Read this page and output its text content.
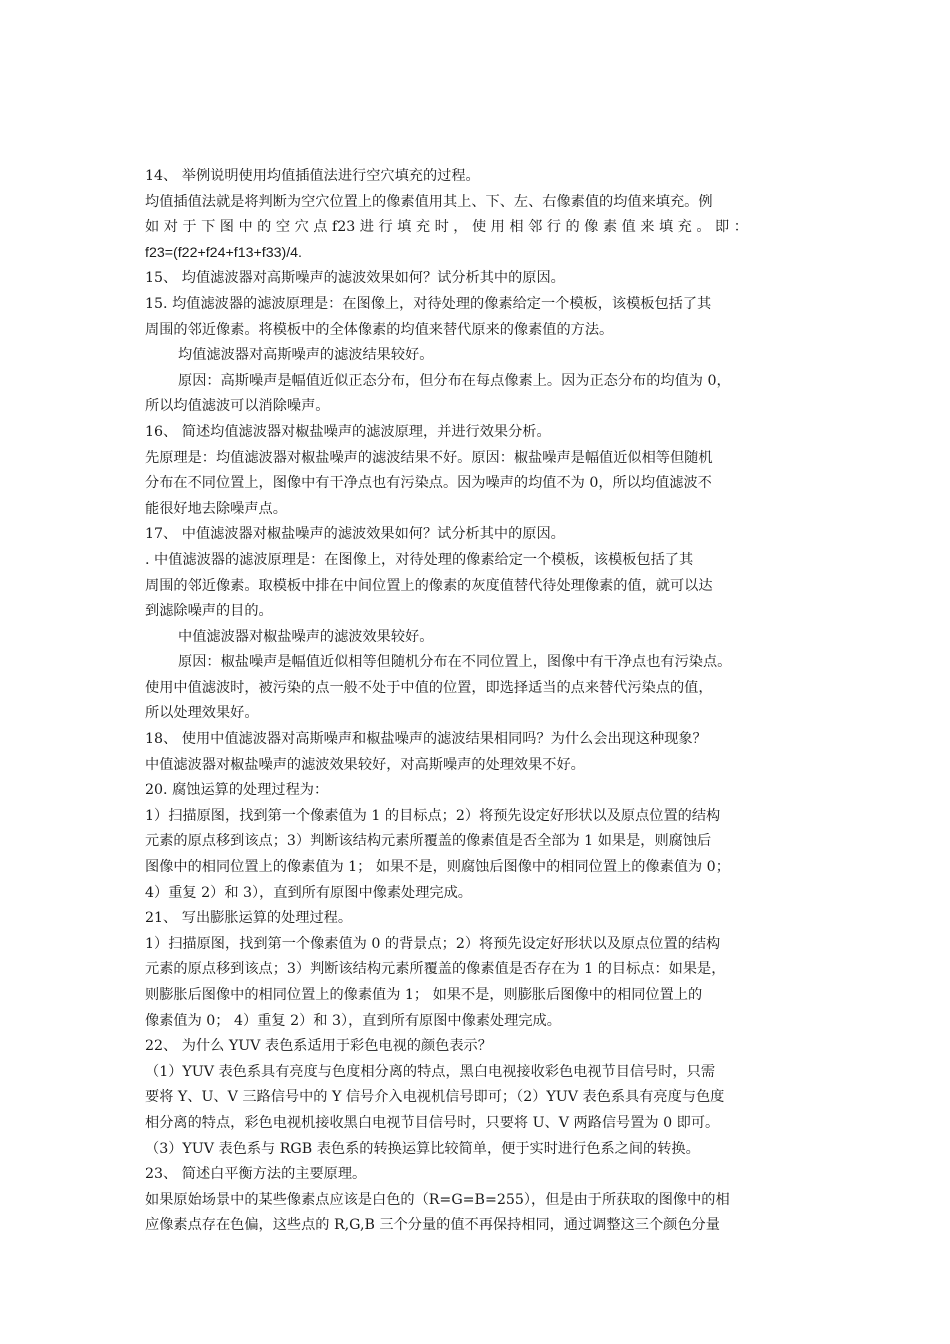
14、 举例说明使用均值插值法进行空穴填充的过程。
均值插值法就是将判断为空穴位置上的像素值用其上、下、左、右像素值的均值来填充。例
如 对 于 下 图 中 的 空 穴 点 f23 进 行 填 充 时 ， 使 用 相 邻 行 的 像 素 值 来 填 充 。 即 ：
f23=(f22+f24+f13+f33)/4.
15、 均值滤波器对高斯噪声的滤波效果如何？试分析其中的原因。
15. 均值滤波器的滤波原理是：在图像上，对待处理的像素给定一个模板，该模板包括了其
周围的邻近像素。将模板中的全体像素的均值来替代原来的像素值的方法。
均值滤波器对高斯噪声的滤波结果较好。
原因：高斯噪声是幅值近似正态分布，但分布在每点像素上。因为正态分布的均值为 0，
所以均值滤波可以消除噪声。
16、 简述均值滤波器对椒盐噪声的滤波原理，并进行效果分析。
先原理是：均值滤波器对椒盐噪声的滤波结果不好。原因：椒盐噪声是幅值近似相等但随机
分布在不同位置上，图像中有干净点也有污染点。因为噪声的均值不为 0，所以均值滤波不
能很好地去除噪声点。
17、 中值滤波器对椒盐噪声的滤波效果如何？试分析其中的原因。
. 中值滤波器的滤波原理是：在图像上，对待处理的像素给定一个模板，该模板包括了其
周围的邻近像素。取模板中排在中间位置上的像素的灰度值替代待处理像素的值，就可以达
到滤除噪声的目的。
中值滤波器对椒盐噪声的滤波效果较好。
原因：椒盐噪声是幅值近似相等但随机分布在不同位置上，图像中有干净点也有污染点。
使用中值滤波时，被污染的点一般不处于中值的位置，即选择适当的点来替代污染点的值，
所以处理效果好。
18、 使用中值滤波器对高斯噪声和椒盐噪声的滤波结果相同吗？为什么会出现这种现象？
中值滤波器对椒盐噪声的滤波效果较好，对高斯噪声的处理效果不好。
20. 腐蚀运算的处理过程为：
1）扫描原图，找到第一个像素值为 1 的目标点；2）将预先设定好形状以及原点位置的结构
元素的原点移到该点；3）判断该结构元素所覆盖的像素值是否全部为 1 如果是，则腐蚀后
图像中的相同位置上的像素值为 1； 如果不是，则腐蚀后图像中的相同位置上的像素值为 0；
4）重复 2）和 3），直到所有原图中像素处理完成。
21、 写出膨胀运算的处理过程。
1）扫描原图，找到第一个像素值为 0 的背景点；2）将预先设定好形状以及原点位置的结构
元素的原点移到该点；3）判断该结构元素所覆盖的像素值是否存在为 1 的目标点：如果是，
则膨胀后图像中的相同位置上的像素值为 1； 如果不是，则膨胀后图像中的相同位置上的
像素值为 0； 4）重复 2）和 3），直到所有原图中像素处理完成。
22、 为什么 YUV 表色系适用于彩色电视的颜色表示？
（1）YUV 表色系具有亮度与色度相分离的特点，黑白电视接收彩色电视节目信号时，只需
要将 Y、U、V 三路信号中的 Y 信号介入电视机信号即可；（2）YUV 表色系具有亮度与色度
相分离的特点，彩色电视机接收黑白电视节目信号时，只要将 U、V 两路信号置为 0 即可。
（3）YUV 表色系与 RGB 表色系的转换运算比较简单，便于实时进行色系之间的转换。
23、 简述白平衡方法的主要原理。
如果原始场景中的某些像素点应该是白色的（R=G=B=255），但是由于所获取的图像中的相
应像素点存在色偏，这些点的 R,G,B 三个分量的值不再保持相同，通过调整这三个颜色分量
